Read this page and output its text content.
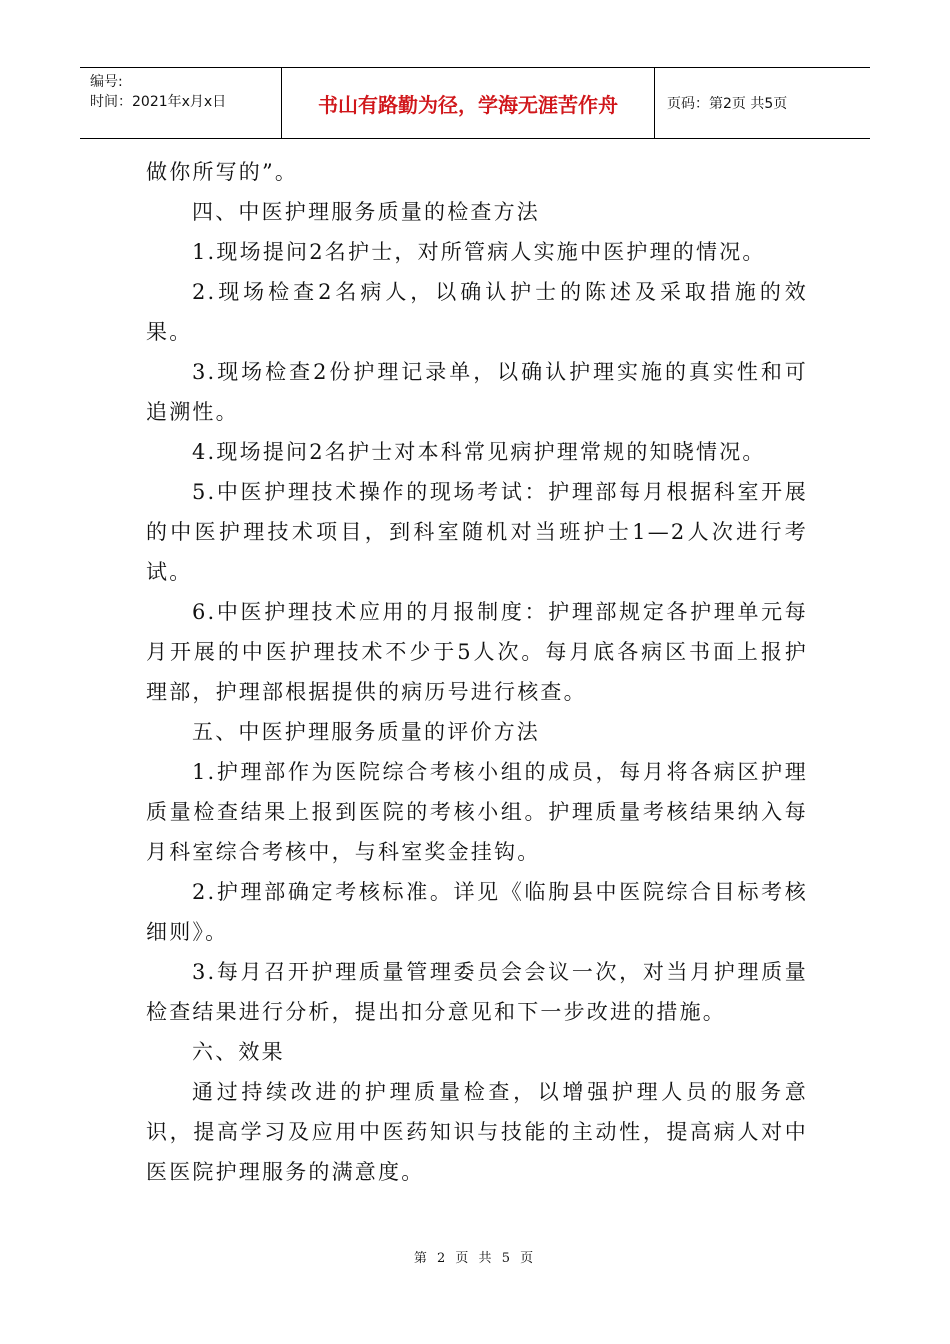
编号:
时间：2021年x月x日	书山有路勤为径，学海无涯苦作舟	页码：第2页 共5页

做你所写的”。

四、中医护理服务质量的检查方法

1.现场提问2名护士，对所管病人实施中医护理的情况。

2.现场检查2名病人，以确认护士的陈述及采取措施的效果。

3.现场检查2份护理记录单，以确认护理实施的真实性和可追溯性。

4.现场提问2名护士对本科常见病护理常规的知晓情况。

5.中医护理技术操作的现场考试：护理部每月根据科室开展的中医护理技术项目，到科室随机对当班护士1—2人次进行考试。

6.中医护理技术应用的月报制度：护理部规定各护理单元每月开展的中医护理技术不少于5人次。每月底各病区书面上报护理部，护理部根据提供的病历号进行核查。

五、中医护理服务质量的评价方法

1.护理部作为医院综合考核小组的成员，每月将各病区护理质量检查结果上报到医院的考核小组。护理质量考核结果纳入每月科室综合考核中，与科室奖金挂钩。

2.护理部确定考核标准。详见《临朐县中医院综合目标考核细则》。

3.每月召开护理质量管理委员会会议一次，对当月护理质量检查结果进行分析，提出扣分意见和下一步改进的措施。

六、效果

通过持续改进的护理质量检查，以增强护理人员的服务意识，提高学习及应用中医药知识与技能的主动性，提高病人对中医医院护理服务的满意度。

第 2 页 共 5 页
